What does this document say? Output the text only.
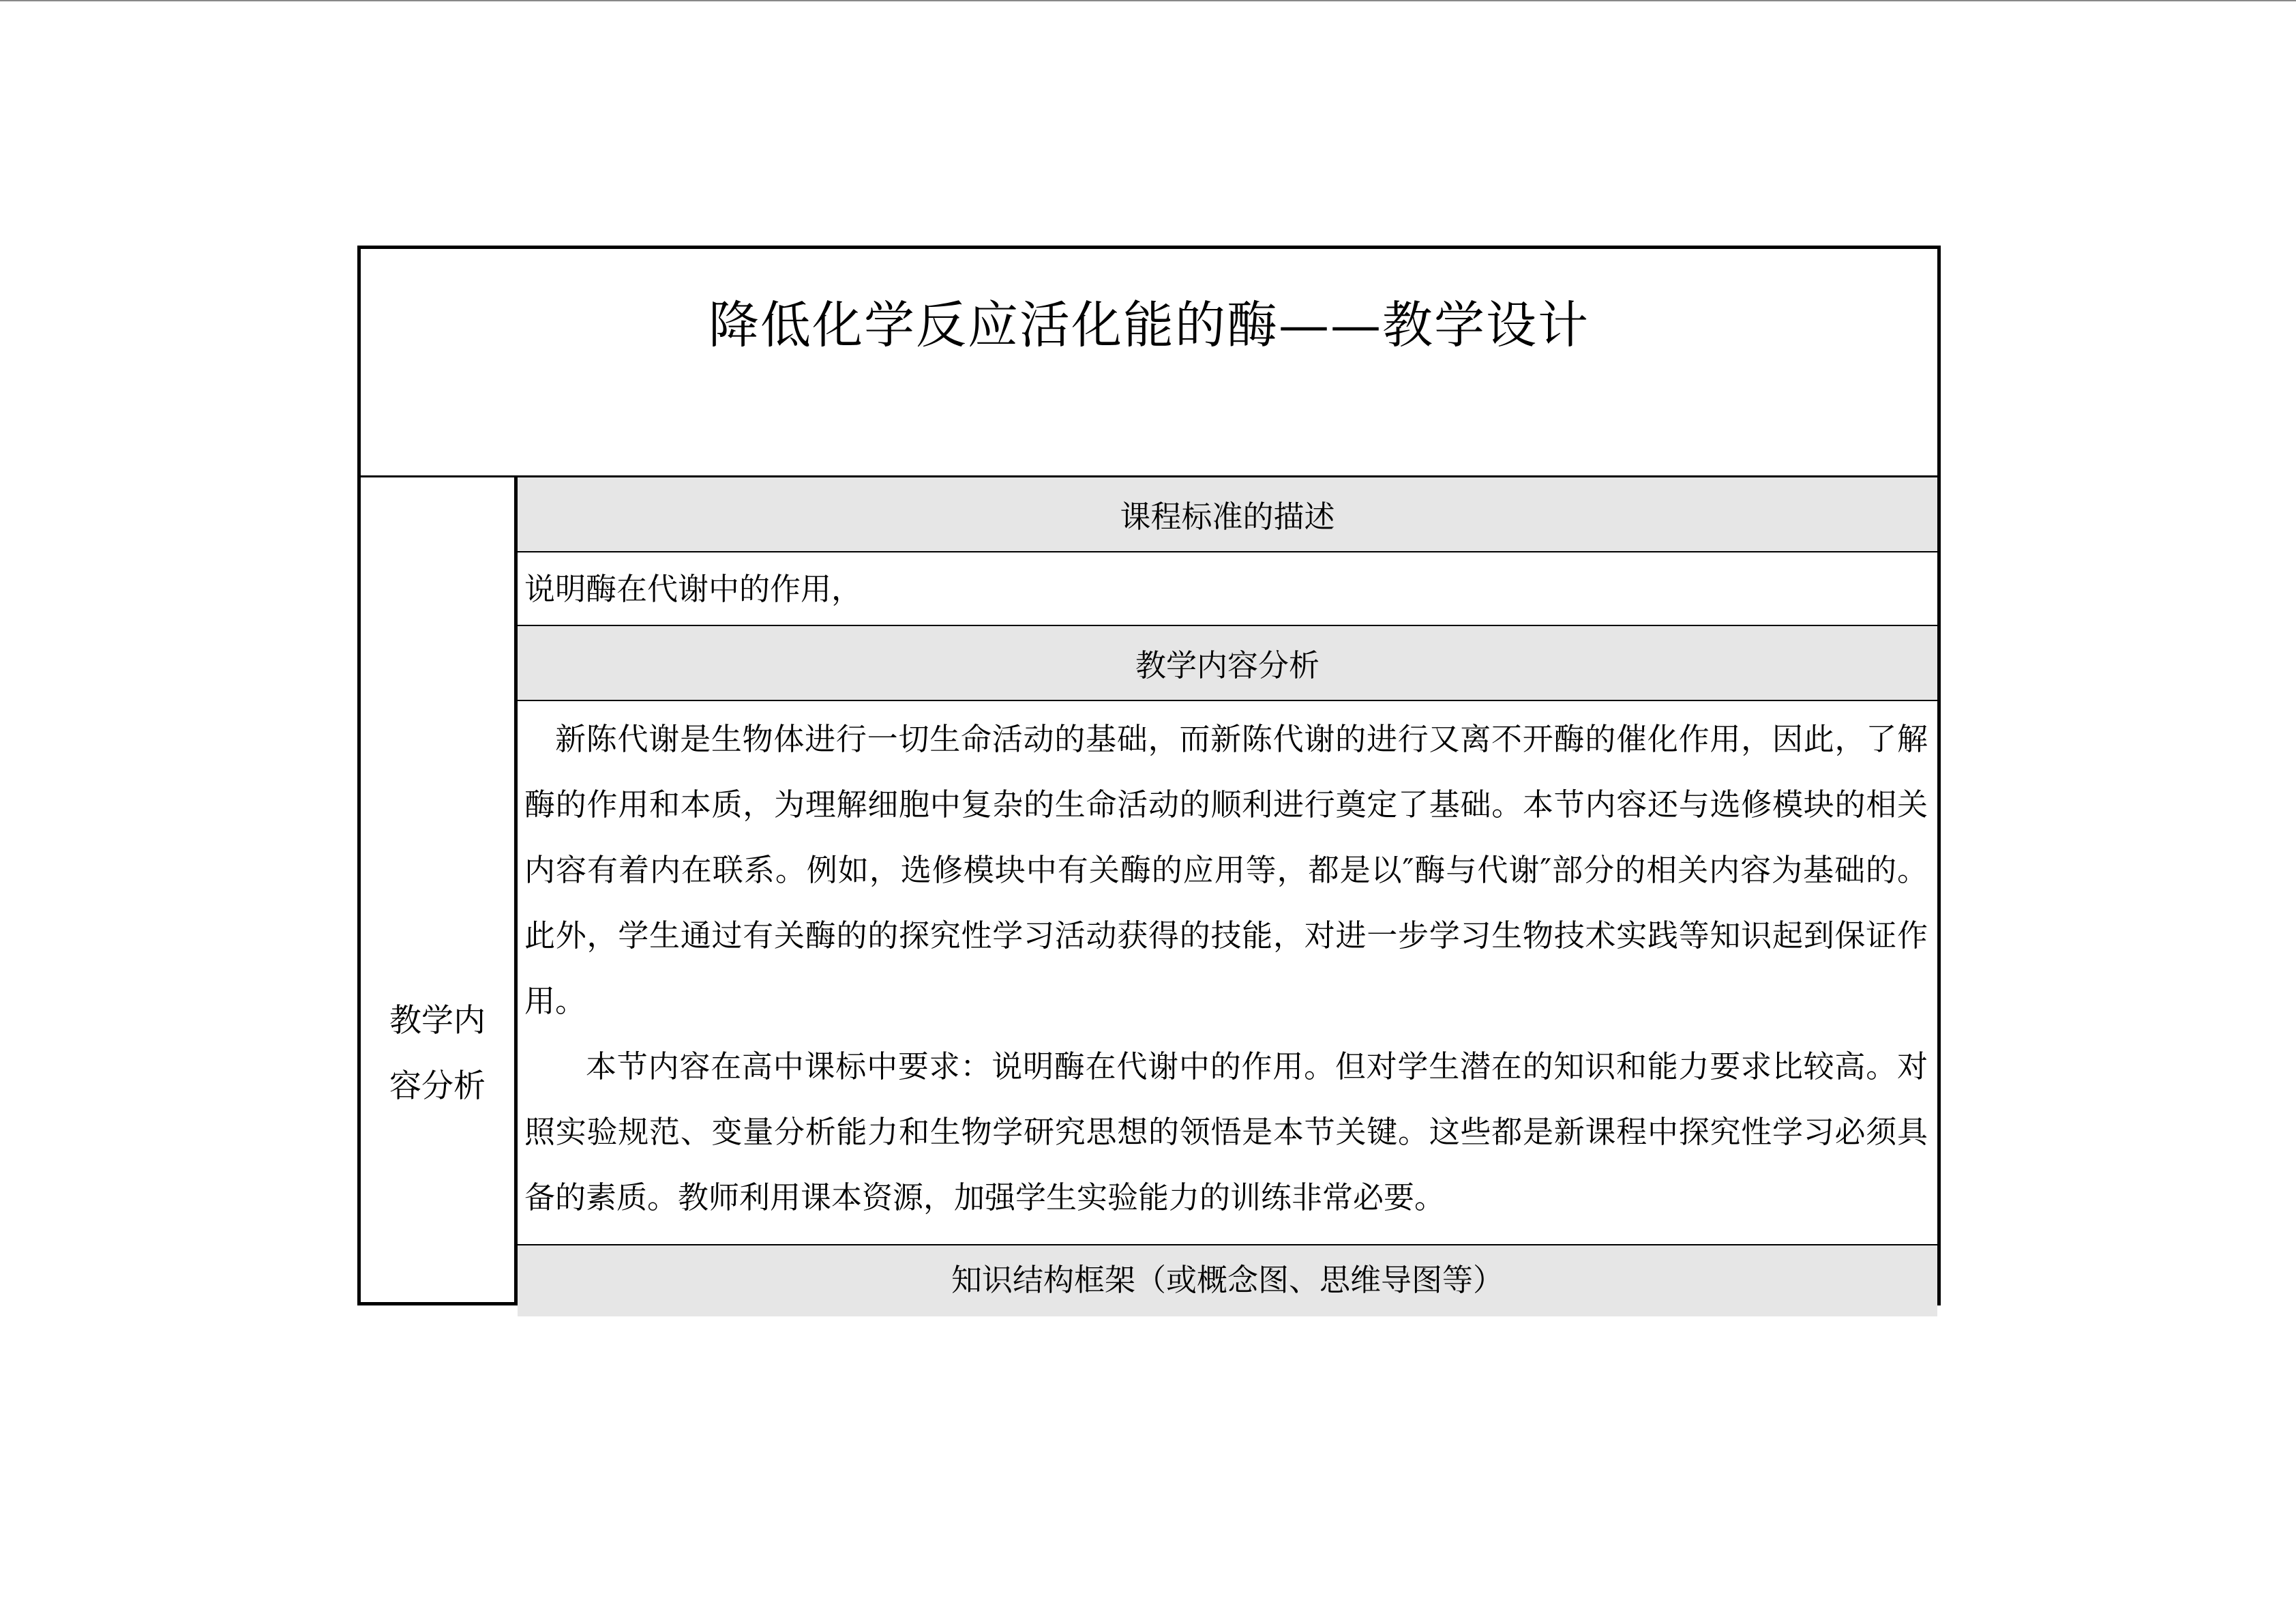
降低化学反应活化能的酶——教学设计
教学内容分析
课程标准的描述
说明酶在代谢中的作用，
教学内容分析

新陈代谢是生物体进行一切生命活动的基础，而新陈代谢的进行又离不开酶的催化作用，因此，了解酶的作用和本质，为理解细胞中复杂的生命活动的顺利进行奠定了基础。本节内容还与选修模块的相关内容有着内在联系。例如，选修模块中有关酶的应用等，都是以″酶与代谢″部分的相关内容为基础的。此外，学生通过有关酶的的探究性学习活动获得的技能，对进一步学习生物技术实践等知识起到保证作用。

本节内容在高中课标中要求：说明酶在代谢中的作用。但对学生潜在的知识和能力要求比较高。对照实验规范、变量分析能力和生物学研究思想的领悟是本节关键。这些都是新课程中探究性学习必须具备的素质。教师利用课本资源，加强学生实验能力的训练非常必要。

知识结构框架（或概念图、思维导图等）
